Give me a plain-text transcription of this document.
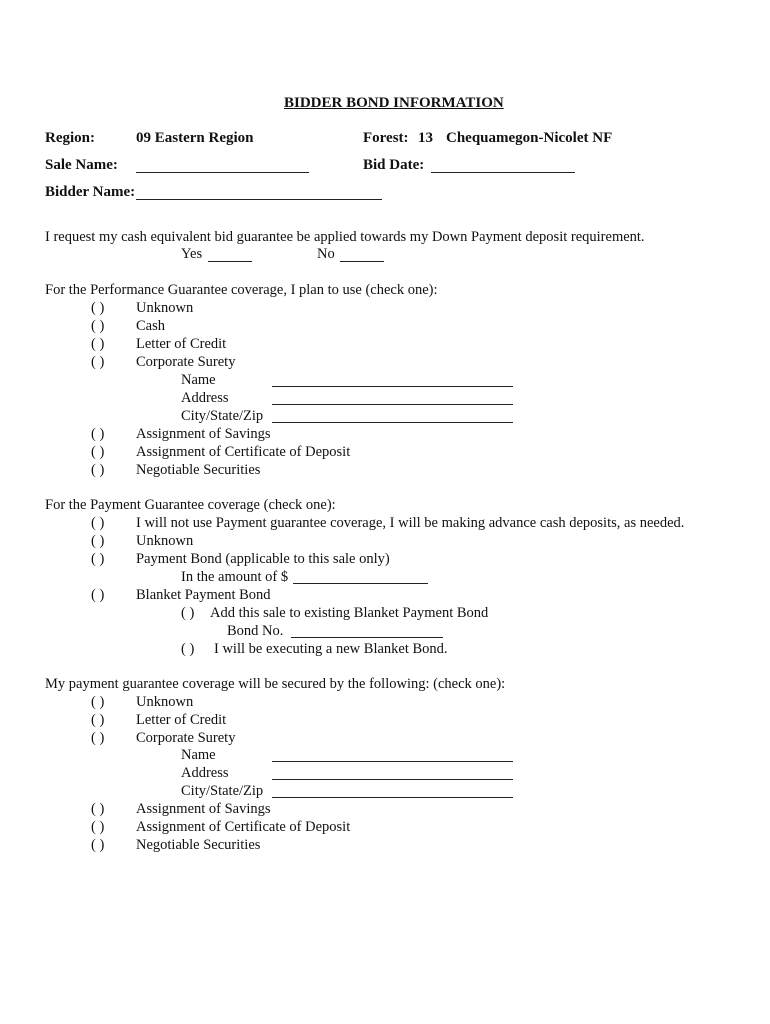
BIDDER BOND INFORMATION
Region:	09 Eastern Region	Forest: 13 Chequamegon-Nicolet NF
Sale Name:	Bid Date:
Bidder Name:
I request my cash equivalent bid guarantee be applied towards my Down Payment deposit requirement.
Yes	No
For the Performance Guarantee coverage, I plan to use (check one):
( ) Unknown
( ) Cash
( ) Letter of Credit
( ) Corporate Surety
Name
Address
City/State/Zip
( ) Assignment of Savings
( ) Assignment of Certificate of Deposit
( ) Negotiable Securities
For the Payment Guarantee coverage (check one):
( ) I will not use Payment guarantee coverage, I will be making advance cash deposits, as needed.
( ) Unknown
( ) Payment Bond (applicable to this sale only)
In the amount of $
( ) Blanket Payment Bond
( ) Add this sale to existing Blanket Payment Bond
Bond No.
( ) I will be executing a new Blanket Bond.
My payment guarantee coverage will be secured by the following: (check one):
( ) Unknown
( ) Letter of Credit
( ) Corporate Surety
Name
Address
City/State/Zip
( ) Assignment of Savings
( ) Assignment of Certificate of Deposit
( ) Negotiable Securities
